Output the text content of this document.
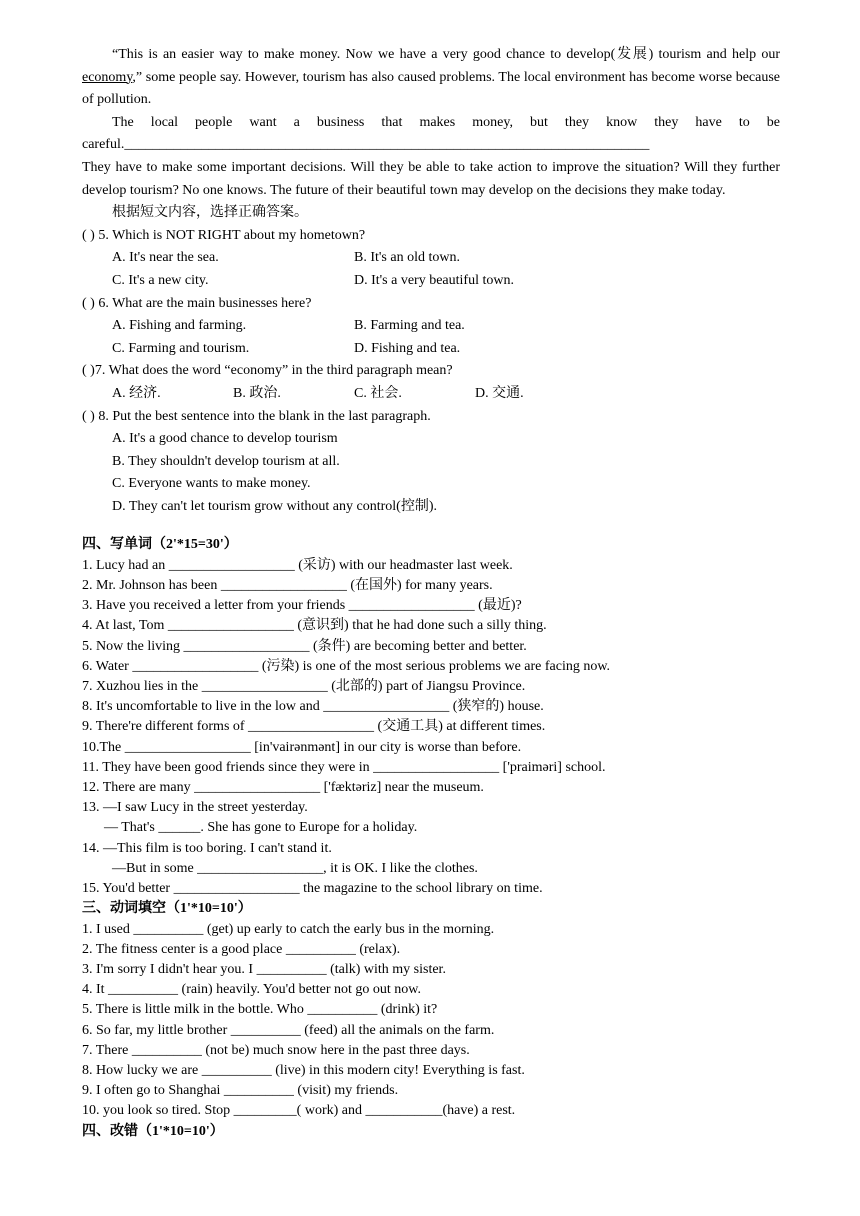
“This is an easier way to make money. Now we have a very good chance to develop(发展) tourism and help our economy,” some people say. However, tourism has also caused problems. The local environment has become worse because of pollution.

The local people want a business that makes money, but they know they have to be

careful.___________________________________________________________________________

They have to make some important decisions. Will they be able to take action to improve the situation? Will they further develop tourism? No one knows. The future of their beautiful town may develop on the decisions they make today.

根据短文内容，选择正确答案。

( ) 5. Which is NOT RIGHT about my hometown?

A. It's near the sea.	B. It's an old town.
C. It's a new city.	D. It's a very beautiful town.

( ) 6. What are the main businesses here?

A. Fishing and farming.	B. Farming and tea.
C. Farming and tourism.	D. Fishing and tea.

( )7. What does the word “economy” in the third paragraph mean?

A. 经济.	B. 政治.	C. 社会.	D. 交通.

( ) 8. Put the best sentence into the blank in the last paragraph.

A. It's a good chance to develop tourism
B. They shouldn't develop tourism at all.
C. Everyone wants to make money.
D. They can't let tourism grow without any control(控制).

四、写单词（2'*15=30'）

1. Lucy had an __________________ (采访) with our headmaster last week.

2. Mr. Johnson has been __________________ (在国外) for many years.

3. Have you received a letter from your friends __________________ (最近)?

4. At last, Tom __________________ (意识到) that he had done such a silly thing.

5. Now the living __________________ (条件) are becoming better and better.

6. Water __________________ (污染) is one of the most serious problems we are facing now.

7. Xuzhou lies in the __________________ (北部的) part of Jiangsu Province.

8. It's uncomfortable to live in the low and __________________ (狭窄的) house.

9. There're different forms of __________________ (交通工具) at different times.

10.The __________________ [in'vairənmənt] in our city is worse than before.

11. They have been good friends since they were in __________________ ['praiməri] school.

12. There are many __________________ ['fæktəriz] near the museum.

13. —I saw Lucy in the street yesterday.

— That's ______. She has gone to Europe for a holiday.

14. —This film is too boring. I can't stand it.

—But in some __________________, it is OK. I like the clothes.

15. You'd better __________________ the magazine to the school library on time.

三、动词填空（1'*10=10'）

1. I used __________ (get) up early to catch the early bus in the morning.

2. The fitness center is a good place __________ (relax).

3. I'm sorry I didn't hear you. I __________ (talk) with my sister.

4. It __________ (rain) heavily. You'd better not go out now.

5. There is little milk in the bottle. Who __________ (drink) it?

6. So far, my little brother __________ (feed) all the animals on the farm.

7. There __________ (not be) much snow here in the past three days.

8. How lucky we are __________ (live) in this modern city! Everything is fast.

9. I often go to Shanghai __________ (visit) my friends.

10. you look so tired. Stop _________( work) and ___________(have) a rest.

四、改错（1'*10=10'）
